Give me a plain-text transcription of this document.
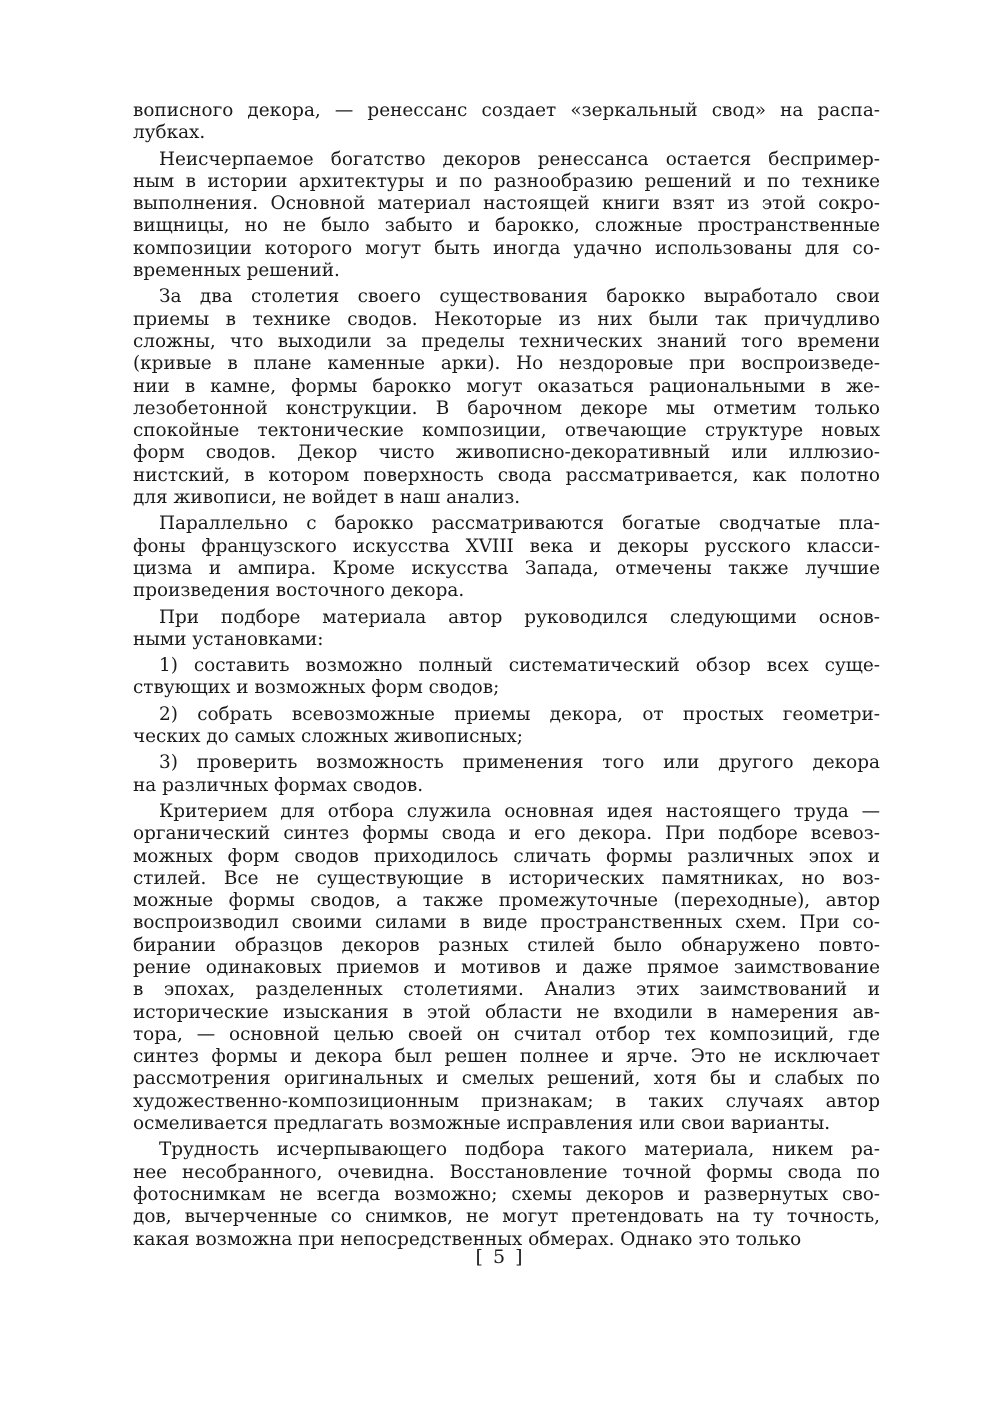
вописного декора, — ренессанс создает «зеркальный свод» на распа-
лубках.
Неисчерпаемое богатство декоров ренессанса остается беспример-
ным в истории архитектуры и по разнообразию решений и по технике
выполнения. Основной материал настоящей книги взят из этой сокро-
вищницы, но не было забыто и барокко, сложные пространственные
композиции которого могут быть иногда удачно использованы для со-
временных решений.
За два столетия своего существования барокко выработало свои
приемы в технике сводов. Некоторые из них были так причудливо
сложны, что выходили за пределы технических знаний того времени
(кривые в плане каменные арки). Но нездоровые при воспроизведе-
нии в камне, формы барокко могут оказаться рациональными в же-
лезобетонной конструкции. В барочном декоре мы отметим только
спокойные тектонические композиции, отвечающие структуре новых
форм сводов. Декор чисто живописно-декоративный или иллюзио-
нистский, в котором поверхность свода рассматривается, как полотно
для живописи, не войдет в наш анализ.
Параллельно с барокко рассматриваются богатые сводчатые пла-
фоны французского искусства XVIII века и декоры русского класси-
цизма и ампира. Кроме искусства Запада, отмечены также лучшие
произведения восточного декора.
При подборе материала автор руководился следующими основ-
ными установками:
1) составить возможно полный систематический обзор всех суще-
ствующих и возможных форм сводов;
2) собрать всевозможные приемы декора, от простых геометри-
ческих до самых сложных живописных;
3) проверить возможность применения того или другого декора
на различных формах сводов.
Критерием для отбора служила основная идея настоящего труда —
органический синтез формы свода и его декора. При подборе всевоз-
можных форм сводов приходилось сличать формы различных эпох и
стилей. Все не существующие в исторических памятниках, но воз-
можные формы сводов, а также промежуточные (переходные), автор
воспроизводил своими силами в виде пространственных схем. При со-
бирании образцов декоров разных стилей было обнаружено повто-
рение одинаковых приемов и мотивов и даже прямое заимствование
в эпохах, разделенных столетиями. Анализ этих заимствований и
исторические изыскания в этой области не входили в намерения ав-
тора, — основной целью своей он считал отбор тех композиций, где
синтез формы и декора был решен полнее и ярче. Это не исключает
рассмотрения оригинальных и смелых решений, хотя бы и слабых по
художественно-композиционным признакам; в таких случаях автор
осмеливается предлагать возможные исправления или свои варианты.
Трудность исчерпывающего подбора такого материала, никем ра-
нее несобранного, очевидна. Восстановление точной формы свода по
фотоснимкам не всегда возможно; схемы декоров и развернутых сво-
дов, вычерченные со снимков, не могут претендовать на ту точность,
какая возможна при непосредственных обмерах. Однако это только
[ 5 ]
